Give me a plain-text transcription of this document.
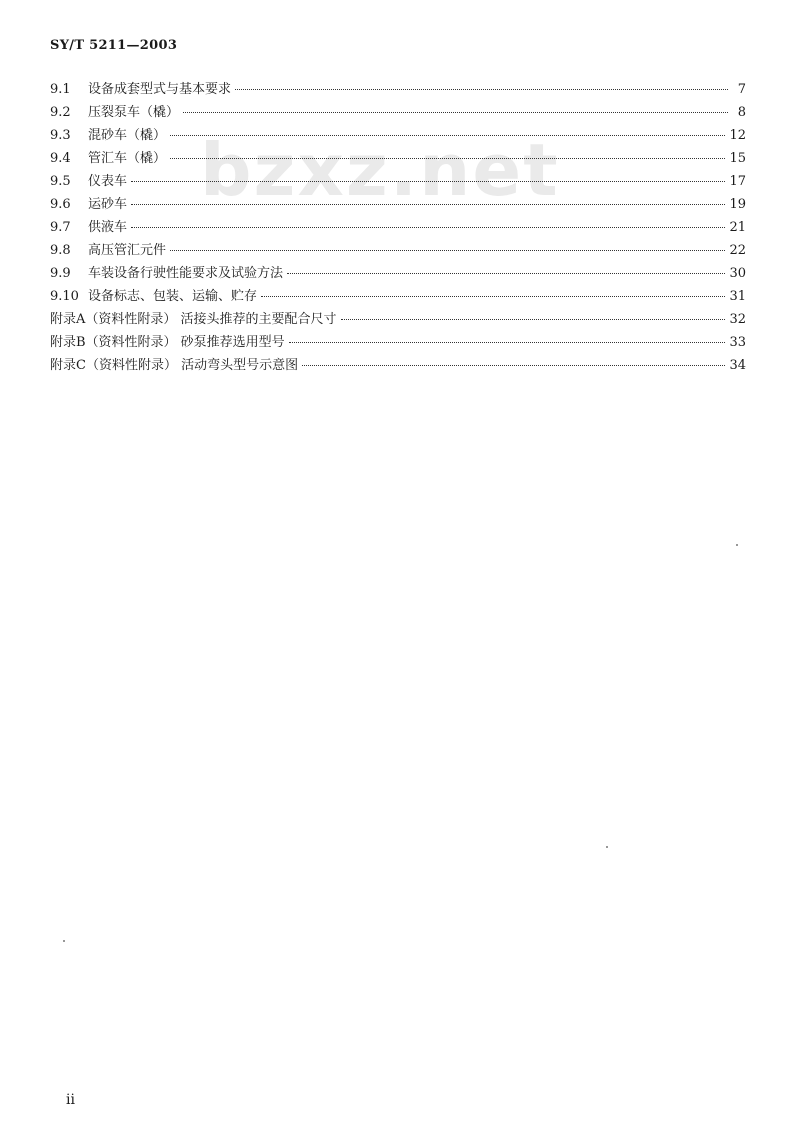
SY/T 5211—2003
bzxz.net
9.1	设备成套型式与基本要求	7
9.2	压裂泵车（橇）	8
9.3	混砂车（橇）	12
9.4	管汇车（橇）	15
9.5	仪表车	17
9.6	运砂车	19
9.7	供液车	21
9.8	高压管汇元件	22
9.9	车装设备行驶性能要求及试验方法	30
9.10 设备标志、包装、运输、贮存	31
附录A（资料性附录） 活接头推荐的主要配合尺寸	32
附录B（资料性附录） 砂泵推荐选用型号	33
附录C（资料性附录） 活动弯头型号示意图	34
ii
